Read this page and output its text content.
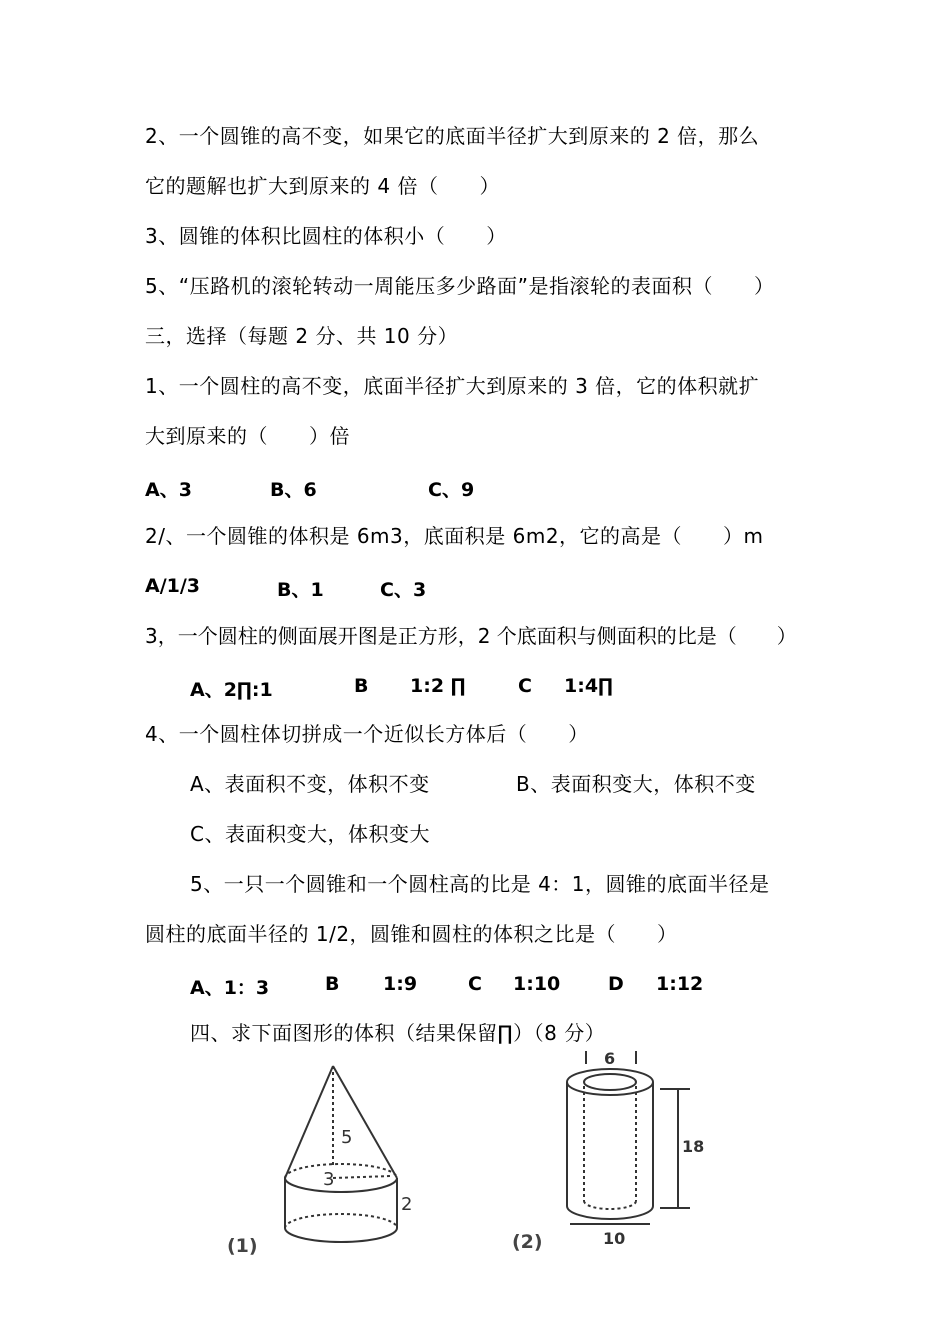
2、一个圆锥的高不变，如果它的底面半径扩大到原来的 2 倍，那么
它的题解也扩大到原来的 4 倍（　　）
3、圆锥的体积比圆柱的体积小（　　）
5、“压路机的滚轮转动一周能压多少路面”是指滚轮的表面积（　　）
三，选择（每题 2 分、共 10 分）
1、一个圆柱的高不变，底面半径扩大到原来的 3 倍，它的体积就扩
大到原来的（　　）倍
A、3	B、6	C、9
2/、一个圆锥的体积是 6m3，底面积是 6m2，它的高是（　　）m
A/1/3	B、1	C、3
3，一个圆柱的侧面展开图是正方形，2 个底面积与侧面积的比是（　　）
A、2∏:1	B 1:2 ∏	C 1:4∏
4、一个圆柱体切拼成一个近似长方体后（　　）
A、表面积不变，体积不变	B、表面积变大，体积不变
C、表面积变大，体积变大
5、一只一个圆锥和一个圆柱高的比是 4：1，圆锥的底面半径是
圆柱的底面半径的 1/2，圆锥和圆柱的体积之比是（　　）
A、1：3	B 1:9	C 1:10	D 1:12
四、求下面图形的体积（结果保留∏）（8 分）
5
3
2
(1)
6
18
10
(2)
